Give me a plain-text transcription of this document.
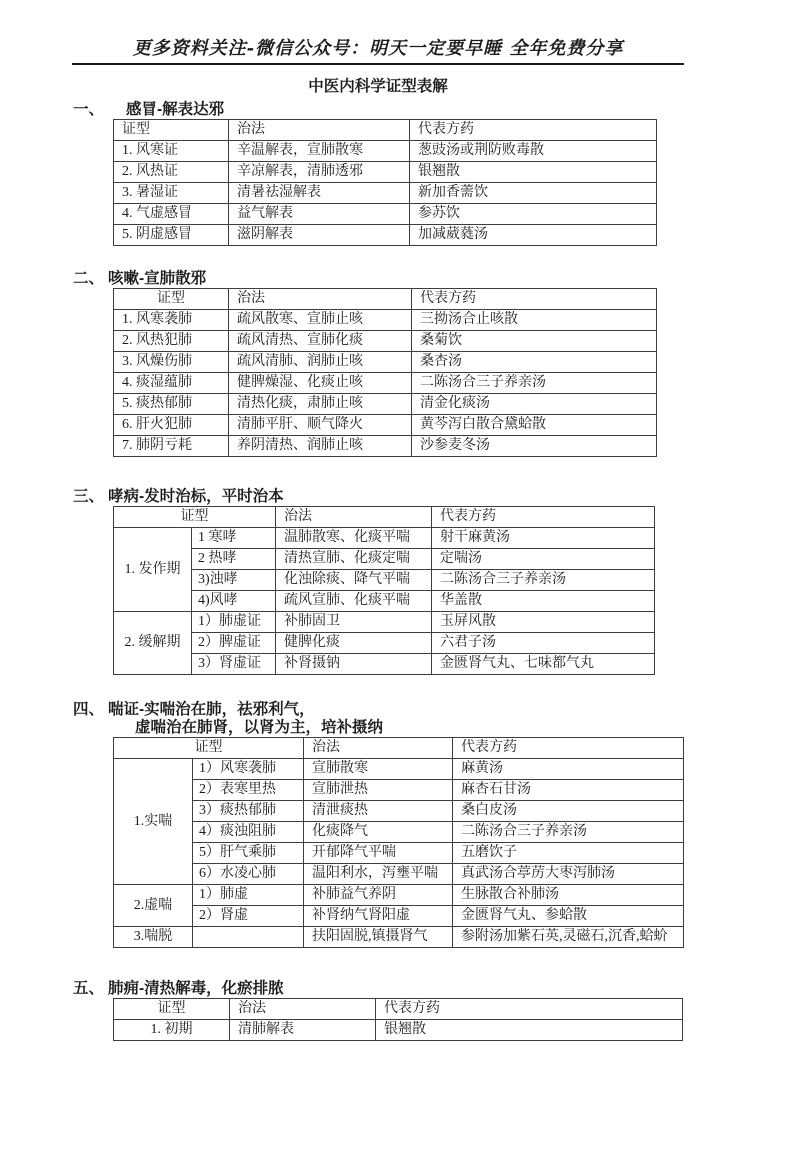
更多资料关注-微信公众号：明天一定要早睡 全年免费分享
中医内科学证型表解
一、 感冒-解表达邪
证型	治法	代表方药
1. 风寒证	辛温解表，宣肺散寒	葱豉汤或荆防败毒散
2. 风热证	辛凉解表，清肺透邪	银翘散
3. 暑湿证	清暑祛湿解表	新加香薷饮
4. 气虚感冒	益气解表	参苏饮
5. 阴虚感冒	滋阴解表	加减葳蕤汤
二、 咳嗽-宣肺散邪
证型	治法	代表方药
1. 风寒袭肺	疏风散寒、宣肺止咳	三拗汤合止咳散
2. 风热犯肺	疏风清热、宣肺化痰	桑菊饮
3. 风燥伤肺	疏风清肺、润肺止咳	桑杏汤
4. 痰湿蕴肺	健脾燥湿、化痰止咳	二陈汤合三子养亲汤
5. 痰热郁肺	清热化痰，肃肺止咳	清金化痰汤
6. 肝火犯肺	清肺平肝、顺气降火	黄芩泻白散合黛蛤散
7. 肺阴亏耗	养阴清热、润肺止咳	沙参麦冬汤
三、 哮病-发时治标，平时治本
证型		治法	代表方药
1. 发作期	1 寒哮	温肺散寒、化痰平喘	射干麻黄汤
	2 热哮	清热宣肺、化痰定喘	定喘汤
	3)浊哮	化浊除痰、降气平喘	二陈汤合三子养亲汤
	4)风哮	疏风宣肺、化痰平喘	华盖散
2. 缓解期	1）肺虚证	补肺固卫	玉屏风散
	2）脾虚证	健脾化痰	六君子汤
	3）肾虚证	补肾摄钠	金匮肾气丸、七味都气丸
四、 喘证-实喘治在肺，祛邪利气，
虚喘治在肺肾，以肾为主，培补摄纳
证型		治法	代表方药
1.实喘	1）风寒袭肺	宣肺散寒	麻黄汤
	2）表寒里热	宣肺泄热	麻杏石甘汤
	3）痰热郁肺	清泄痰热	桑白皮汤
	4）痰浊阻肺	化痰降气	二陈汤合三子养亲汤
	5）肝气乘肺	开郁降气平喘	五磨饮子
	6）水凌心肺	温阳利水，泻壅平喘	真武汤合葶苈大枣泻肺汤
2.虚喘	1）肺虚	补肺益气养阴	生脉散合补肺汤
	2）肾虚	补肾纳气肾阳虚	金匮肾气丸、参蛤散
3.喘脱		扶阳固脱,镇摄肾气	参附汤加紫石英,灵磁石,沉香,蛤蚧
五、 肺痈-清热解毒，化瘀排脓
证型	治法	代表方药
1. 初期	清肺解表	银翘散
